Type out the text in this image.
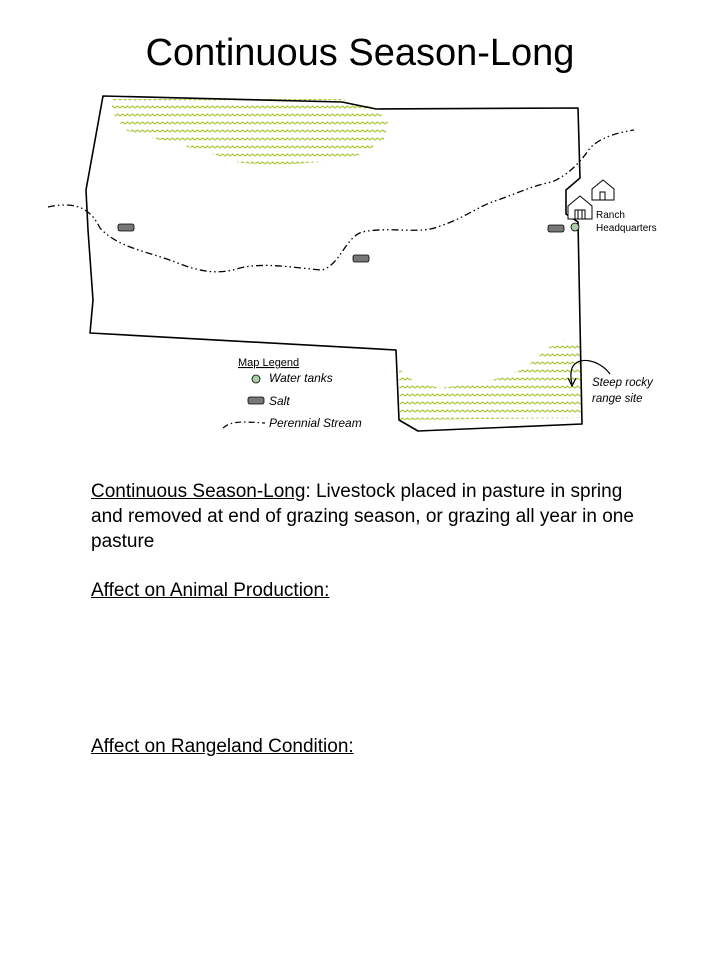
Continuous Season-Long
Ranch
Headquarters
Steep rocky
range site
Map Legend
Water tanks
Salt
Perennial Stream

Continuous Season-Long: Livestock placed in pasture in spring and removed at end of grazing season, or grazing all year in one pasture

Affect on Animal Production:

Affect on Rangeland Condition:
